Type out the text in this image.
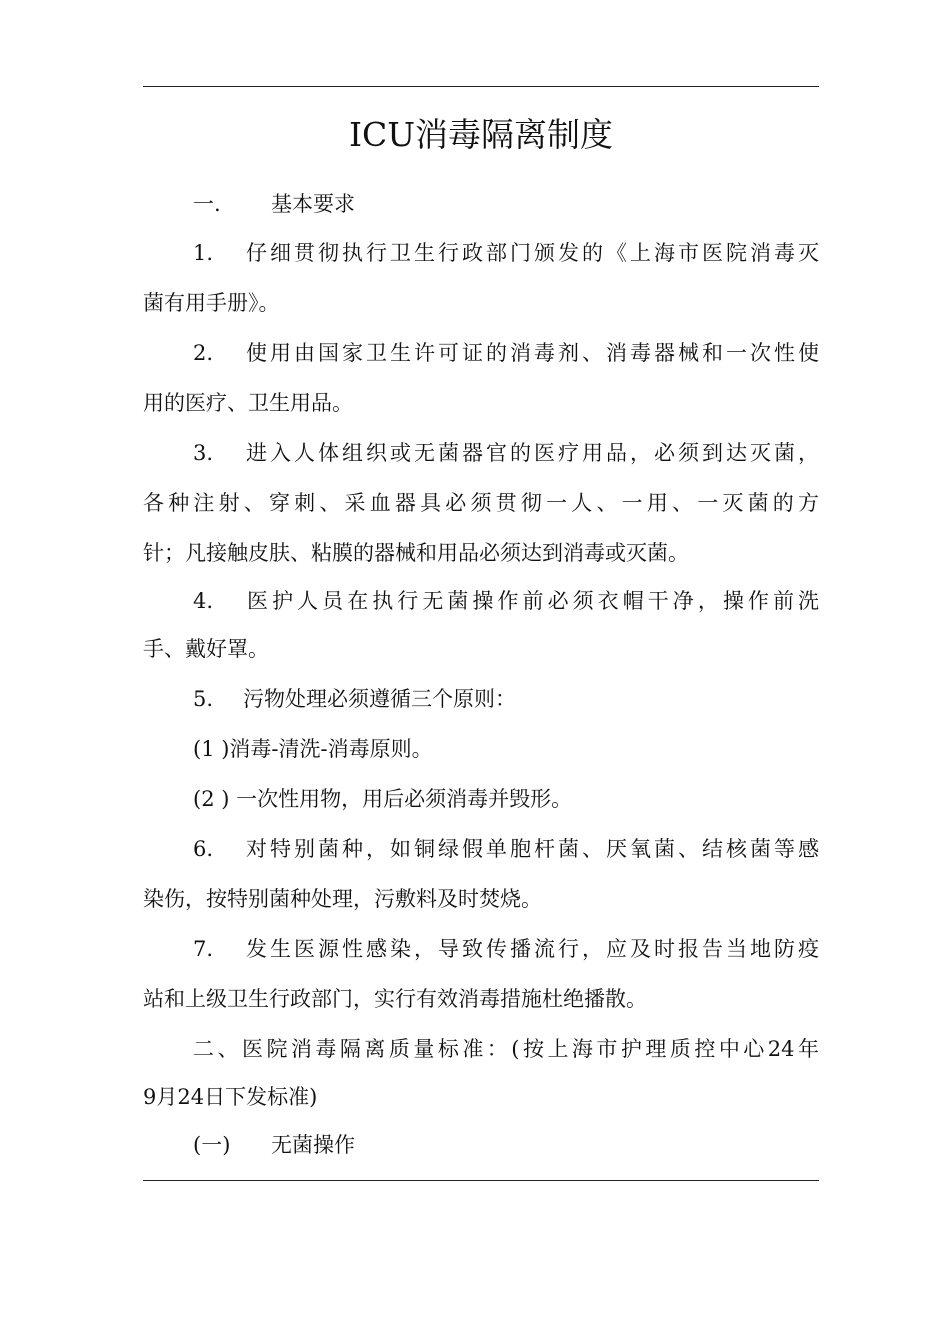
ICU消毒隔离制度
一. 基本要求
1. 仔细贯彻执行卫生行政部门颁发的《上海市医院消毒灭
菌有用手册》。
2. 使用由国家卫生许可证的消毒剂、消毒器械和一次性使
用的医疗、卫生用品。
3. 进入人体组织或无菌器官的医疗用品，必须到达灭菌，
各种注射、穿刺、采血器具必须贯彻一人、一用、一灭菌的方
针；凡接触皮肤、粘膜的器械和用品必须达到消毒或灭菌。
4. 医护人员在执行无菌操作前必须衣帽干净，操作前洗
手、戴好罩。
5. 污物处理必须遵循三个原则：
(1 )消毒-清洗-消毒原则。
(2 ) 一次性用物，用后必须消毒并毁形。
6. 对特别菌种，如铜绿假单胞杆菌、厌氧菌、结核菌等感
染伤，按特别菌种处理，污敷料及时焚烧。
7. 发生医源性感染，导致传播流行，应及时报告当地防疫
站和上级卫生行政部门，实行有效消毒措施杜绝播散。
二、医院消毒隔离质量标准：(按上海市护理质控中心24年
9月24日下发标准)
(一) 无菌操作
